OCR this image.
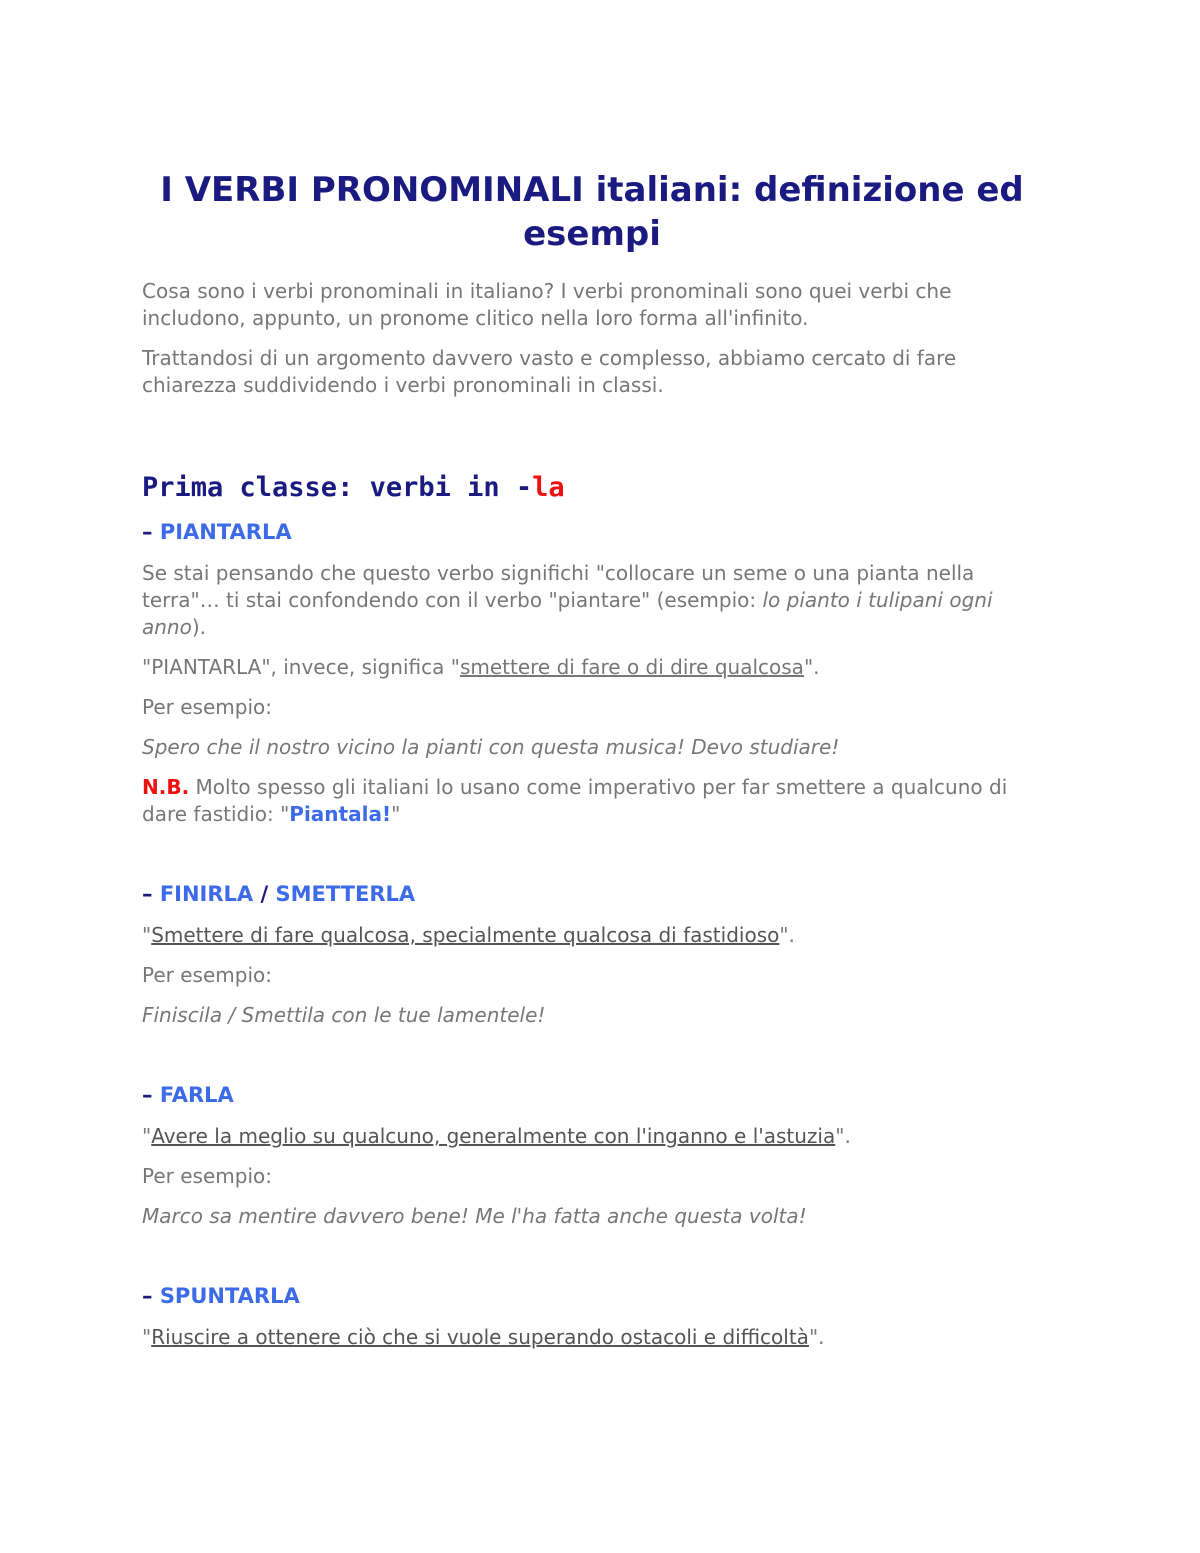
I VERBI PRONOMINALI italiani: definizione ed esempi

Cosa sono i verbi pronominali in italiano? I verbi pronominali sono quei verbi che includono, appunto, un pronome clitico nella loro forma all'infinito.

Trattandosi di un argomento davvero vasto e complesso, abbiamo cercato di fare chiarezza suddividendo i verbi pronominali in classi.

Prima classe: verbi in -la
– PIANTARLA

Se stai pensando che questo verbo significhi "collocare un seme o una pianta nella terra"… ti stai confondendo con il verbo "piantare" (esempio: lo pianto i tulipani ogni anno).

"PIANTARLA", invece, significa "smettere di fare o di dire qualcosa".

Per esempio:

Spero che il nostro vicino la pianti con questa musica! Devo studiare!

N.B. Molto spesso gli italiani lo usano come imperativo per far smettere a qualcuno di dare fastidio: "Piantala!"

– FINIRLA / SMETTERLA

"Smettere di fare qualcosa, specialmente qualcosa di fastidioso".

Per esempio:

Finiscila / Smettila con le tue lamentele!

– FARLA

"Avere la meglio su qualcuno, generalmente con l'inganno e l'astuzia".

Per esempio:

Marco sa mentire davvero bene! Me l'ha fatta anche questa volta!

– SPUNTARLA

"Riuscire a ottenere ciò che si vuole superando ostacoli e difficoltà".
